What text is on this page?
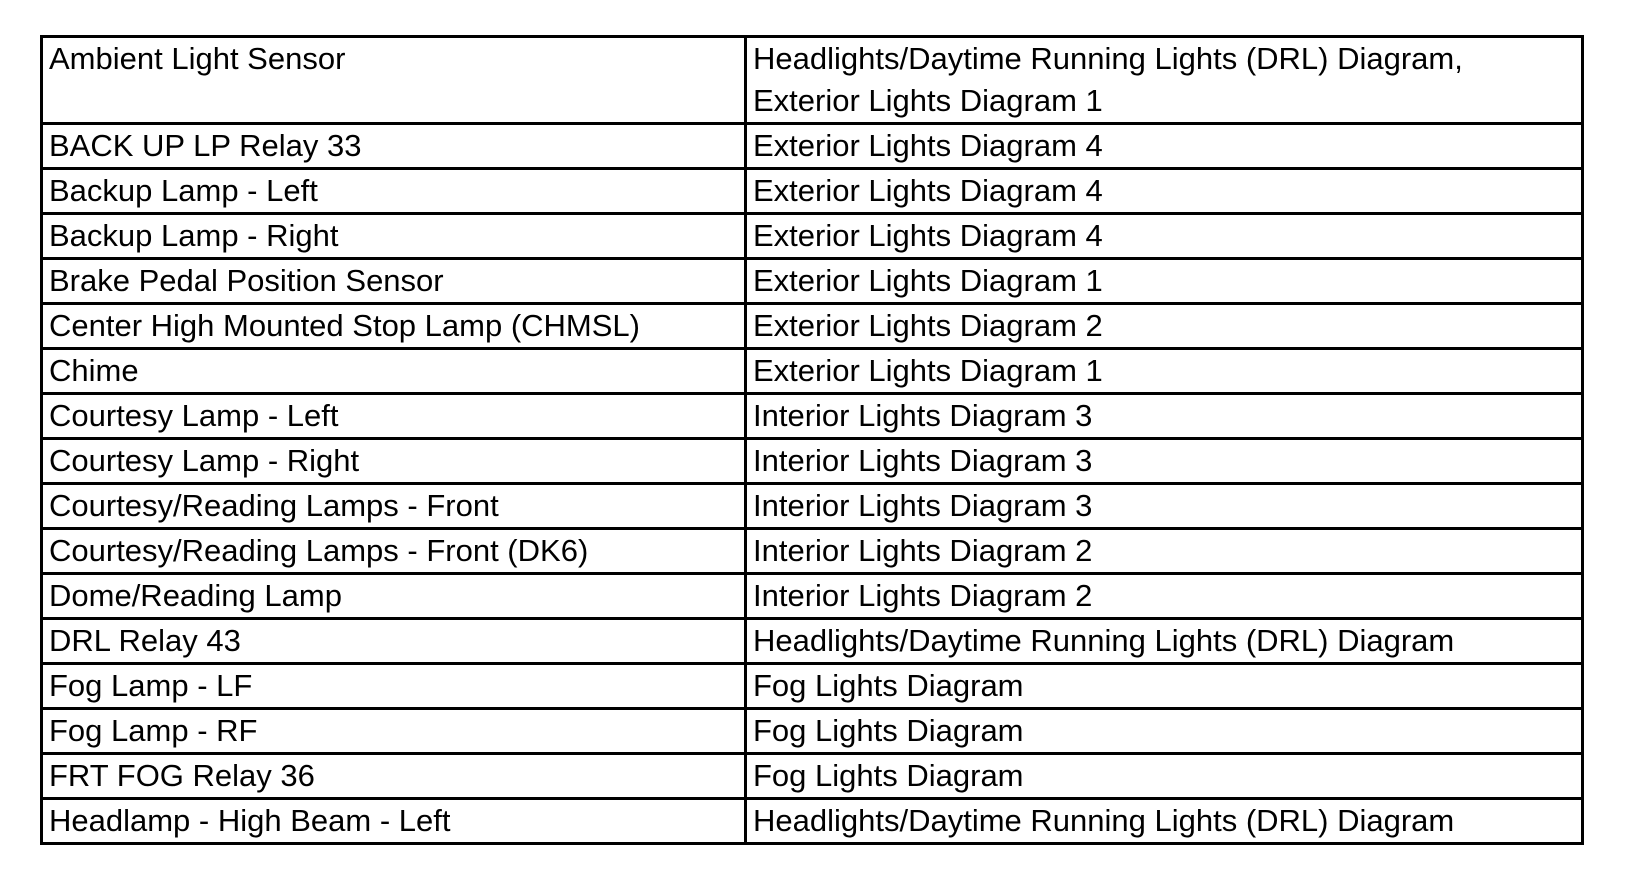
Ambient Light Sensor	Headlights/Daytime Running Lights (DRL) Diagram, Exterior Lights Diagram 1
BACK UP LP Relay 33	Exterior Lights Diagram 4
Backup Lamp - Left	Exterior Lights Diagram 4
Backup Lamp - Right	Exterior Lights Diagram 4
Brake Pedal Position Sensor	Exterior Lights Diagram 1
Center High Mounted Stop Lamp (CHMSL)	Exterior Lights Diagram 2
Chime	Exterior Lights Diagram 1
Courtesy Lamp - Left	Interior Lights Diagram 3
Courtesy Lamp - Right	Interior Lights Diagram 3
Courtesy/Reading Lamps - Front	Interior Lights Diagram 3
Courtesy/Reading Lamps - Front (DK6)	Interior Lights Diagram 2
Dome/Reading Lamp	Interior Lights Diagram 2
DRL Relay 43	Headlights/Daytime Running Lights (DRL) Diagram
Fog Lamp - LF	Fog Lights Diagram
Fog Lamp - RF	Fog Lights Diagram
FRT FOG Relay 36	Fog Lights Diagram
Headlamp - High Beam - Left	Headlights/Daytime Running Lights (DRL) Diagram
